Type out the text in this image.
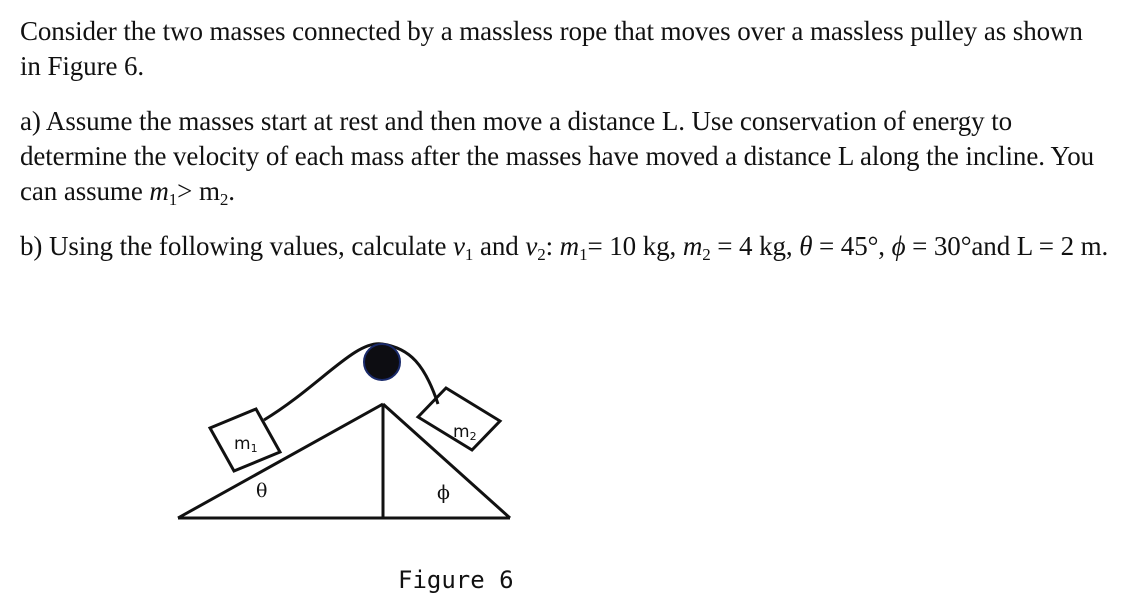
Consider the two masses connected by a massless rope that moves over a massless pulley as shown in Figure 6.

a) Assume the masses start at rest and then move a distance L. Use conservation of energy to determine the velocity of each mass after the masses have moved a distance L along the incline. You can assume $m_1> m_2$.

b) Using the following values, calculate $v_1$ and $v_2$: $m_1= 10$ kg, $m_2 = 4$ kg, θ = 45°, ϕ = 30°and L = 2 m.

$m_1$
$m_2$
θ	ϕ
Figure 6
